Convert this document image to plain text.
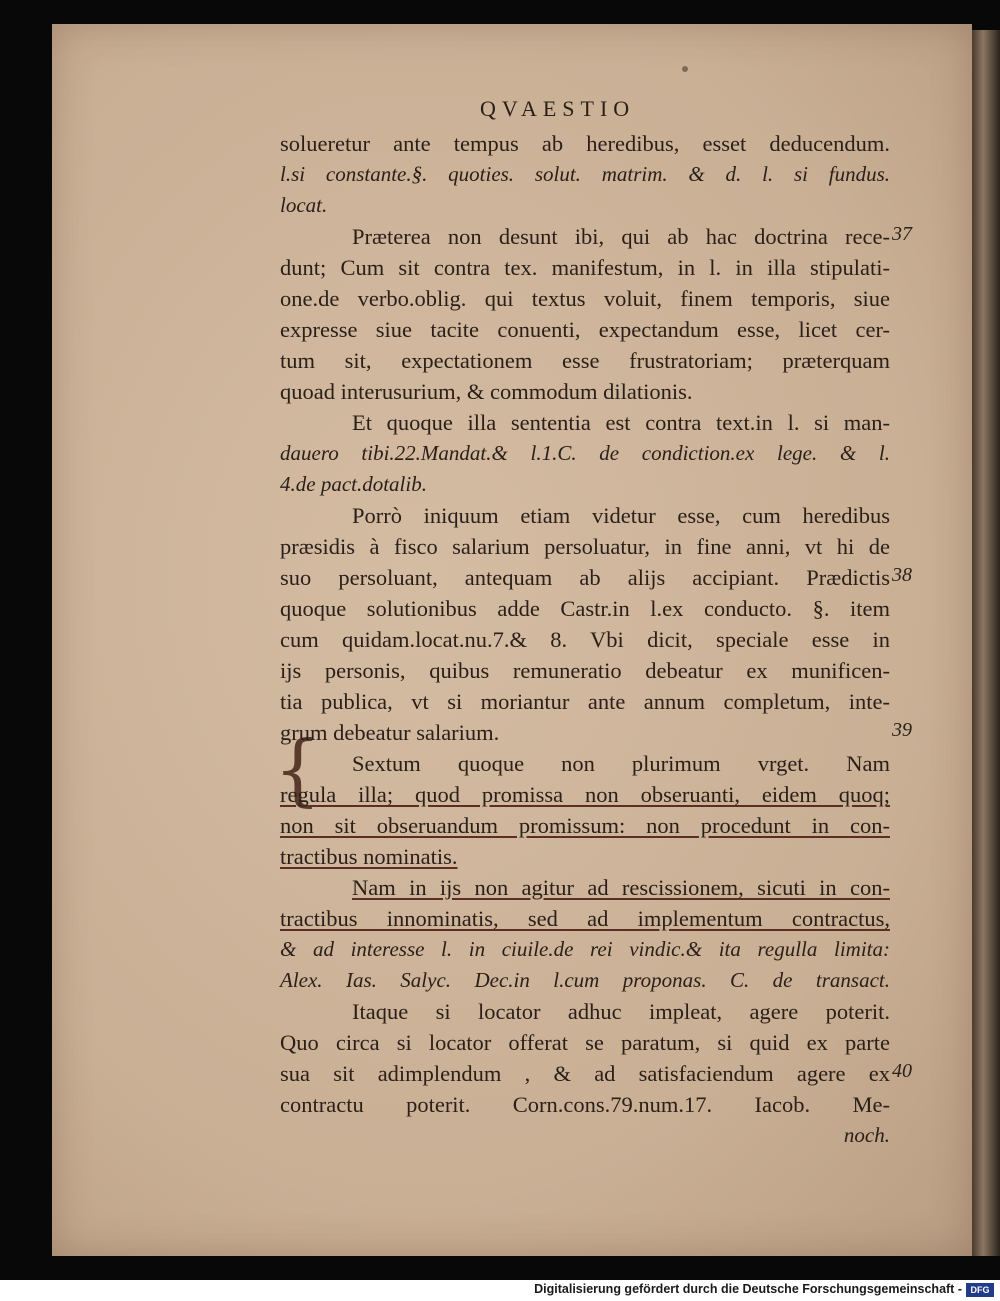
QVAESTIO
{
solueretur ante tempus ab heredibus, esset deducendum.
l.si constante.§. quoties. solut. matrim. & d. l. si fundus.
locat.
Præterea non desunt ibi, qui ab hac doctrina rece-
dunt; Cum sit contra tex. manifestum, in l. in illa stipulati-
one.de verbo.oblig. qui textus voluit, finem temporis, siue
expresse siue tacite conuenti, expectandum esse, licet cer-
tum sit, expectationem esse frustratoriam; præterquam
quoad interusurium, & commodum dilationis.
Et quoque illa sententia est contra text.in l. si man-
dauero tibi.22.Mandat.& l.1.C. de condiction.ex lege. & l.
4.de pact.dotalib.
Porrò iniquum etiam videtur esse, cum heredibus
præsidis à fisco salarium persoluatur, in fine anni, vt hi de
suo persoluant, antequam ab alijs accipiant. Prædictis
quoque solutionibus adde Castr.in l.ex conducto. §. item
cum quidam.locat.nu.7.& 8. Vbi dicit, speciale esse in
ijs personis, quibus remuneratio debeatur ex munificen-
tia publica, vt si moriantur ante annum completum, inte-
grum debeatur salarium.
Sextum quoque non plurimum vrget. Nam
regula illa; quod promissa non obseruanti, eidem quoq;
non sit obseruandum promissum: non procedunt in con-
tractibus nominatis.
Nam in ijs non agitur ad rescissionem, sicuti in con-
tractibus innominatis, sed ad implementum contractus,
& ad interesse l. in ciuile.de rei vindic.& ita regulla limita:
Alex. Ias. Salyc. Dec.in l.cum proponas. C. de transact.
Itaque si locator adhuc impleat, agere poterit.
Quo circa si locator offerat se paratum, si quid ex parte
sua sit adimplendum , & ad satisfaciendum agere ex
contractu poterit. Corn.cons.79.num.17. Iacob. Me-
noch.
37
38
39
40
Digitalisierung gefördert durch die Deutsche Forschungsgemeinschaft - DFG
